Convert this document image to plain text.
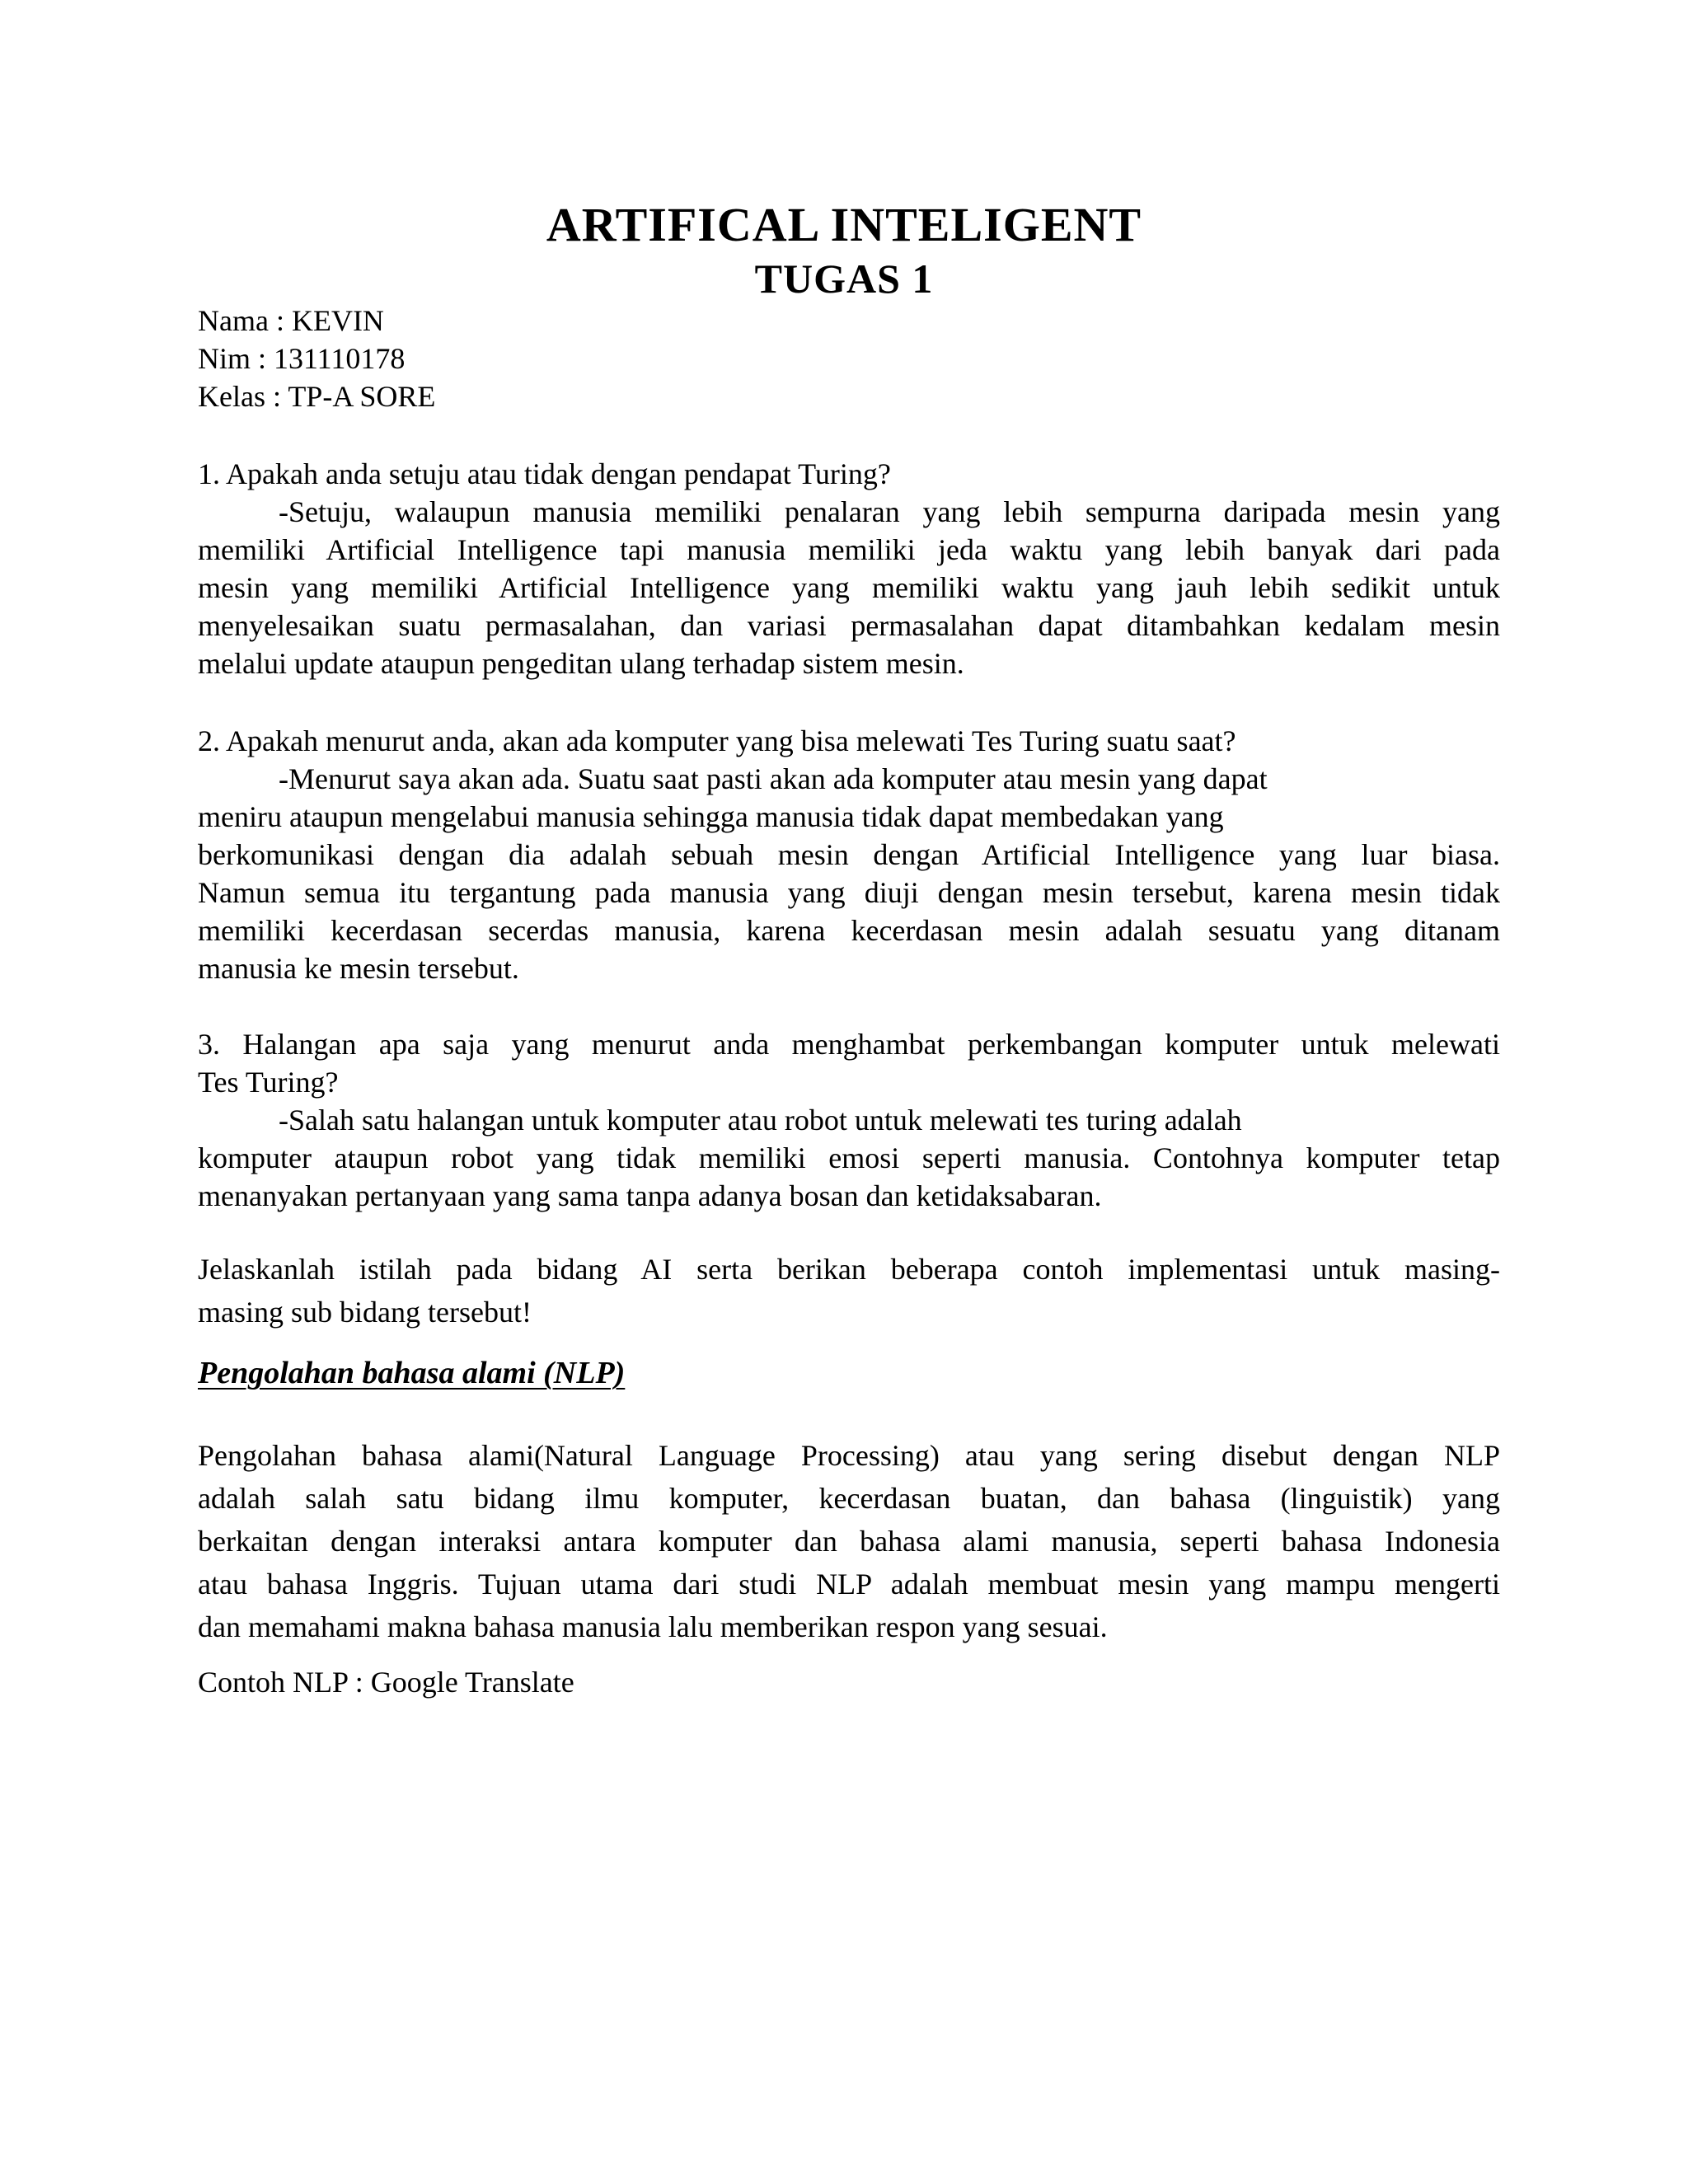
ARTIFICAL INTELIGENT
TUGAS 1
Nama : KEVIN
Nim : 131110178
Kelas : TP-A SORE
1. Apakah anda setuju atau tidak dengan pendapat Turing?
-Setuju, walaupun manusia memiliki penalaran yang lebih sempurna daripada mesin yang
memiliki Artificial Intelligence tapi manusia memiliki jeda waktu yang lebih banyak dari pada
mesin yang memiliki Artificial Intelligence yang memiliki waktu yang jauh lebih sedikit untuk
menyelesaikan suatu permasalahan, dan variasi permasalahan dapat ditambahkan kedalam mesin
melalui update ataupun pengeditan ulang terhadap sistem mesin.
2. Apakah menurut anda, akan ada komputer yang bisa melewati Tes Turing suatu saat?
-Menurut saya akan ada. Suatu saat pasti akan ada komputer atau mesin yang dapat
meniru ataupun mengelabui manusia sehingga manusia tidak dapat membedakan yang
berkomunikasi dengan dia adalah sebuah mesin dengan Artificial Intelligence yang luar biasa.
Namun semua itu tergantung pada manusia yang diuji dengan mesin tersebut, karena mesin tidak
memiliki kecerdasan secerdas manusia, karena kecerdasan mesin adalah sesuatu yang ditanam
manusia ke mesin tersebut.
3. Halangan apa saja yang menurut anda menghambat perkembangan komputer untuk melewati
Tes Turing?
-Salah satu halangan untuk komputer atau robot untuk melewati tes turing adalah
komputer ataupun robot yang tidak memiliki emosi seperti manusia. Contohnya komputer tetap
menanyakan pertanyaan yang sama tanpa adanya bosan dan ketidaksabaran.
Jelaskanlah istilah pada bidang AI serta berikan beberapa contoh implementasi untuk masing-
masing sub bidang tersebut!

Pengolahan bahasa alami (NLP)

Pengolahan bahasa alami(Natural Language Processing) atau yang sering disebut dengan NLP
adalah salah satu bidang ilmu komputer, kecerdasan buatan, dan bahasa (linguistik) yang
berkaitan dengan interaksi antara komputer dan bahasa alami manusia, seperti bahasa Indonesia
atau bahasa Inggris. Tujuan utama dari studi NLP adalah membuat mesin yang mampu mengerti
dan memahami makna bahasa manusia lalu memberikan respon yang sesuai.
Contoh NLP : Google Translate
